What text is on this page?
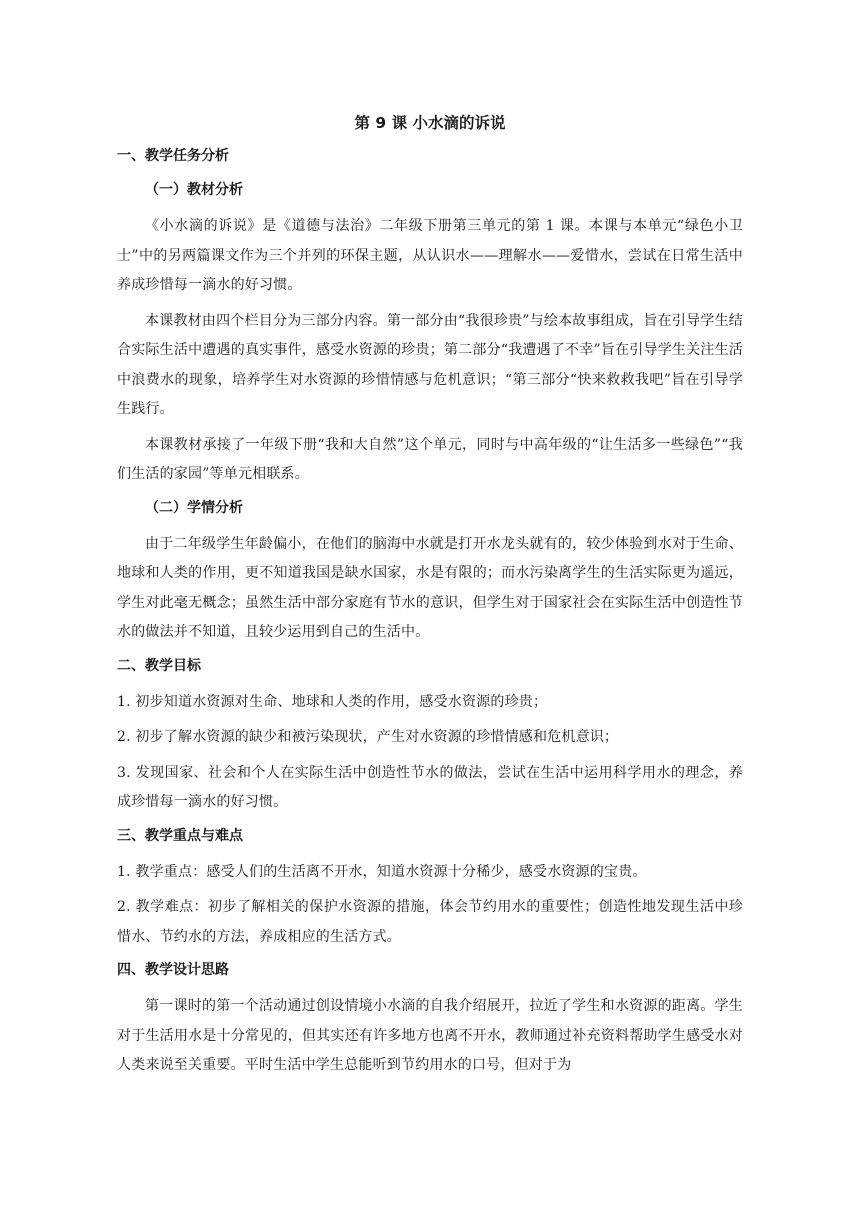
第 9 课 小水滴的诉说
一、教学任务分析
（一）教材分析
《小水滴的诉说》是《道德与法治》二年级下册第三单元的第 1 课。本课与本单元“绿色小卫士”中的另两篇课文作为三个并列的环保主题，从认识水——理解水——爱惜水，尝试在日常生活中养成珍惜每一滴水的好习惯。
本课教材由四个栏目分为三部分内容。第一部分由“我很珍贵”与绘本故事组成，旨在引导学生结合实际生活中遭遇的真实事件，感受水资源的珍贵；第二部分“我遭遇了不幸”旨在引导学生关注生活中浪费水的现象，培养学生对水资源的珍惜情感与危机意识；“第三部分“快来救救我吧”旨在引导学生践行。
本课教材承接了一年级下册“我和大自然”这个单元，同时与中高年级的“让生活多一些绿色”“我们生活的家园”等单元相联系。
（二）学情分析
由于二年级学生年龄偏小，在他们的脑海中水就是打开水龙头就有的，较少体验到水对于生命、地球和人类的作用，更不知道我国是缺水国家，水是有限的；而水污染离学生的生活实际更为遥远，学生对此毫无概念；虽然生活中部分家庭有节水的意识，但学生对于国家社会在实际生活中创造性节水的做法并不知道，且较少运用到自己的生活中。
二、教学目标
1. 初步知道水资源对生命、地球和人类的作用，感受水资源的珍贵；
2. 初步了解水资源的缺少和被污染现状，产生对水资源的珍惜情感和危机意识；
3. 发现国家、社会和个人在实际生活中创造性节水的做法，尝试在生活中运用科学用水的理念，养成珍惜每一滴水的好习惯。
三、教学重点与难点
1. 教学重点：感受人们的生活离不开水，知道水资源十分稀少，感受水资源的宝贵。
2. 教学难点：初步了解相关的保护水资源的措施，体会节约用水的重要性；创造性地发现生活中珍惜水、节约水的方法，养成相应的生活方式。
四、教学设计思路
第一课时的第一个活动通过创设情境小水滴的自我介绍展开，拉近了学生和水资源的距离。学生对于生活用水是十分常见的，但其实还有许多地方也离不开水，教师通过补充资料帮助学生感受水对人类来说至关重要。平时生活中学生总能听到节约用水的口号，但对于为
